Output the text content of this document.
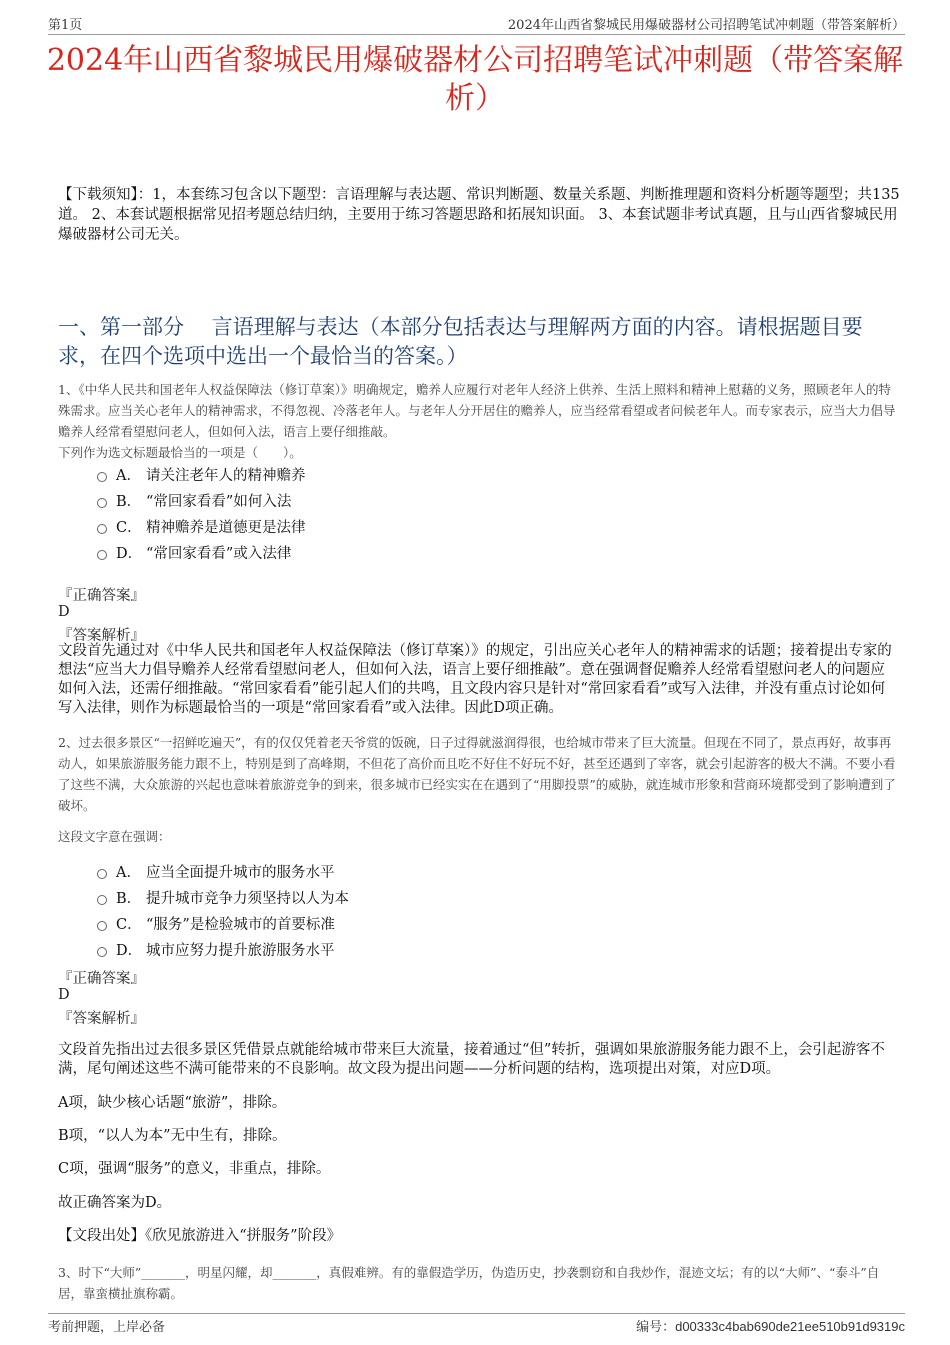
第1页	2024年山西省黎城民用爆破器材公司招聘笔试冲刺题（带答案解析）
2024年山西省黎城民用爆破器材公司招聘笔试冲刺题（带答案解析）
【下载须知】：1，本套练习包含以下题型：言语理解与表达题、常识判断题、数量关系题、判断推理题和资料分析题等题型；共135道。 2、本套试题根据常见招考题总结归纳，主要用于练习答题思路和拓展知识面。 3、本套试题非考试真题，且与山西省黎城民用爆破器材公司无关。
一、第一部分　 言语理解与表达（本部分包括表达与理解两方面的内容。请根据题目要求，在四个选项中选出一个最恰当的答案。）
1、《中华人民共和国老年人权益保障法（修订草案）》明确规定，赡养人应履行对老年人经济上供养、生活上照料和精神上慰藉的义务，照顾老年人的特殊需求。应当关心老年人的精神需求，不得忽视、冷落老年人。与老年人分开居住的赡养人，应当经常看望或者问候老年人。而专家表示，应当大力倡导赡养人经常看望慰问老人，但如何入法，语言上要仔细推敲。
下列作为选文标题最恰当的一项是（　　）。
A． 请关注老年人的精神赡养
B． “常回家看看”如何入法
C． 精神赡养是道德更是法律
D． “常回家看看”或入法律
『正确答案』
D
『答案解析』
文段首先通过对《中华人民共和国老年人权益保障法（修订草案）》的规定，引出应关心老年人的精神需求的话题；接着提出专家的想法“应当大力倡导赡养人经常看望慰问老人，但如何入法，语言上要仔细推敲”。意在强调督促赡养人经常看望慰问老人的问题应如何入法，还需仔细推敲。“常回家看看”能引起人们的共鸣，且文段内容只是针对“常回家看看”或写入法律，并没有重点讨论如何写入法律，则作为标题最恰当的一项是“常回家看看”或入法律。因此D项正确。
2、过去很多景区“一招鲜吃遍天”，有的仅仅凭着老天爷赏的饭碗，日子过得就滋润得很，也给城市带来了巨大流量。但现在不同了，景点再好，故事再动人，如果旅游服务能力跟不上，特别是到了高峰期，不但花了高价而且吃不好住不好玩不好，甚至还遇到了宰客，就会引起游客的极大不满。不要小看了这些不满，大众旅游的兴起也意味着旅游竞争的到来，很多城市已经实实在在遇到了“用脚投票”的威胁，就连城市形象和营商环境都受到了影响遭到了破坏。
这段文字意在强调：
A． 应当全面提升城市的服务水平
B． 提升城市竞争力须坚持以人为本
C． “服务”是检验城市的首要标准
D． 城市应努力提升旅游服务水平
『正确答案』
D
『答案解析』
文段首先指出过去很多景区凭借景点就能给城市带来巨大流量，接着通过“但”转折，强调如果旅游服务能力跟不上，会引起游客不满，尾句阐述这些不满可能带来的不良影响。故文段为提出问题——分析问题的结构，选项提出对策，对应D项。
A项，缺少核心话题“旅游”，排除。
B项，“以人为本”无中生有，排除。
C项，强调“服务”的意义，非重点，排除。
故正确答案为D。
【文段出处】《欣见旅游进入“拼服务”阶段》
3、时下“大师”_______，明星闪耀，却_______，真假难辨。有的靠假造学历，伪造历史，抄袭剽窃和自我炒作，混迹文坛；有的以“大师”、“泰斗”自居，靠蛮横扯旗称霸。
考前押题，上岸必备	编号：d00333c4bab690de21ee510b91d9319c
